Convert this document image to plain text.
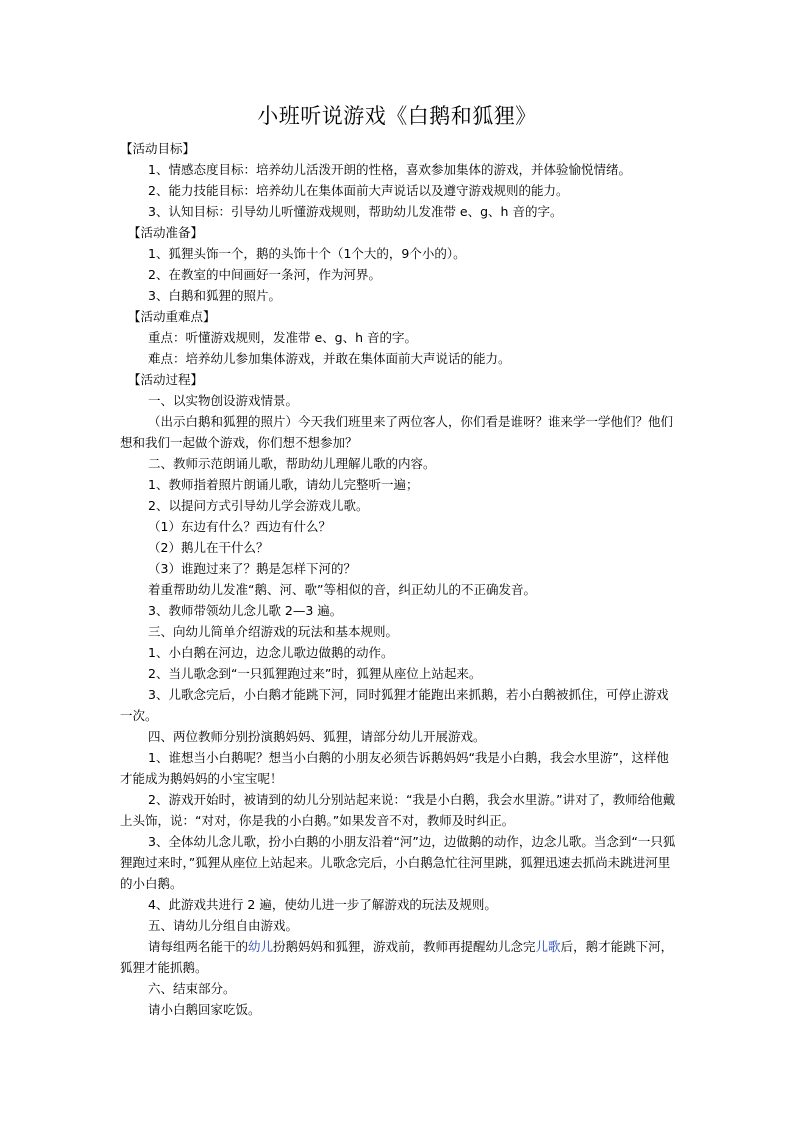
小班听说游戏《白鹅和狐狸》

【活动目标】

1、情感态度目标：培养幼儿活泼开朗的性格，喜欢参加集体的游戏，并体验愉悦情绪。

2、能力技能目标：培养幼儿在集体面前大声说话以及遵守游戏规则的能力。

3、认知目标：引导幼儿听懂游戏规则，帮助幼儿发准带 e、g、h 音的字。

【活动准备】

1、狐狸头饰一个，鹅的头饰十个（1个大的，9个小的）。

2、在教室的中间画好一条河，作为河界。

3、白鹅和狐狸的照片。

【活动重难点】

重点：听懂游戏规则，发准带 e、g、h 音的字。

难点：培养幼儿参加集体游戏，并敢在集体面前大声说话的能力。

【活动过程】

一、以实物创设游戏情景。

（出示白鹅和狐狸的照片）今天我们班里来了两位客人，你们看是谁呀？谁来学一学他们？他们想和我们一起做个游戏，你们想不想参加？

二、教师示范朗诵儿歌，帮助幼儿理解儿歌的内容。

1、教师指着照片朗诵儿歌，请幼儿完整听一遍；

2、以提问方式引导幼儿学会游戏儿歌。

（1）东边有什么？西边有什么？

（2）鹅儿在干什么？

（3）谁跑过来了？鹅是怎样下河的？

着重帮助幼儿发准“鹅、河、歌”等相似的音，纠正幼儿的不正确发音。

3、教师带领幼儿念儿歌 2—3 遍。

三、向幼儿简单介绍游戏的玩法和基本规则。

1、小白鹅在河边，边念儿歌边做鹅的动作。

2、当儿歌念到“一只狐狸跑过来”时，狐狸从座位上站起来。

3、儿歌念完后，小白鹅才能跳下河，同时狐狸才能跑出来抓鹅，若小白鹅被抓住，可停止游戏一次。

四、两位教师分别扮演鹅妈妈、狐狸，请部分幼儿开展游戏。

1、谁想当小白鹅呢？想当小白鹅的小朋友必须告诉鹅妈妈“我是小白鹅，我会水里游”，这样他才能成为鹅妈妈的小宝宝呢！

2、游戏开始时，被请到的幼儿分别站起来说：“我是小白鹅，我会水里游。”讲对了，教师给他戴上头饰，说：“对对，你是我的小白鹅。”如果发音不对，教师及时纠正。

3、全体幼儿念儿歌，扮小白鹅的小朋友沿着“河”边，边做鹅的动作，边念儿歌。当念到“一只狐狸跑过来时，”狐狸从座位上站起来。儿歌念完后，小白鹅急忙往河里跳，狐狸迅速去抓尚未跳进河里的小白鹅。

4、此游戏共进行 2 遍，使幼儿进一步了解游戏的玩法及规则。

五、请幼儿分组自由游戏。

请每组两名能干的幼儿扮鹅妈妈和狐狸，游戏前，教师再提醒幼儿念完儿歌后，鹅才能跳下河，狐狸才能抓鹅。

六、结束部分。

请小白鹅回家吃饭。
